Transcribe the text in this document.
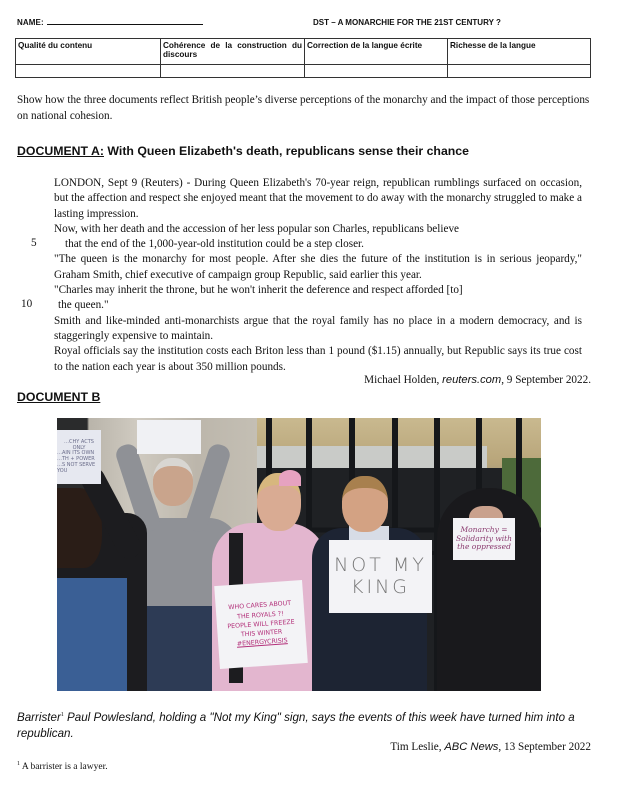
NAME:	DST – A MONARCHIE FOR THE 21ST CENTURY ?
Qualité du contenu	Cohérence de la construction du discours	Correction de la langue écrite	Richesse de la langue

Show how the three documents reflect British people’s diverse perceptions of the monarchy and the impact of those perceptions on national cohesion.

DOCUMENT A: With Queen Elizabeth's death, republicans sense their chance

LONDON, Sept 9 (Reuters) - During Queen Elizabeth's 70-year reign, republican rumblings surfaced on occasion, but the affection and respect she enjoyed meant that the movement to do away with the monarchy struggled to make a lasting impression.

Now, with her death and the accession of her less popular son Charles, republicans believe

that the end of the 1,000-year-old institution could be a step closer.

"The queen is the monarchy for most people. After she dies the future of the institution is in serious jeopardy," Graham Smith, chief executive of campaign group Republic, said earlier this year.

"Charles may inherit the throne, but he won't inherit the deference and respect afforded [to]

the queen."

Smith and like-minded anti-monarchists argue that the royal family has no place in a modern democracy, and is staggeringly expensive to maintain.

Royal officials say the institution costs each Briton less than 1 pound ($1.15) annually, but Republic says its true cost to the nation each year is about 350 million pounds.

5
10
Michael Holden, reuters.com, 9 September 2022.
DOCUMENT B
…CHY ACTS ONLY
…AIN ITS OWN
…TH + POWER
…S NOT SERVE
YOU
WHO CARES ABOUT
THE ROYALS ?!
PEOPLE WILL FREEZE
THIS WINTER
#ENERGYCRISIS
NOT MY
KING
Monarchy =
Solidarity with
the oppressed

Barrister$^1$ Paul Powlesland, holding a "Not my King" sign, says the events of this week have turned him into a republican.

Tim Leslie, ABC News, 13 September 2022
$^1$ A barrister is a lawyer.
